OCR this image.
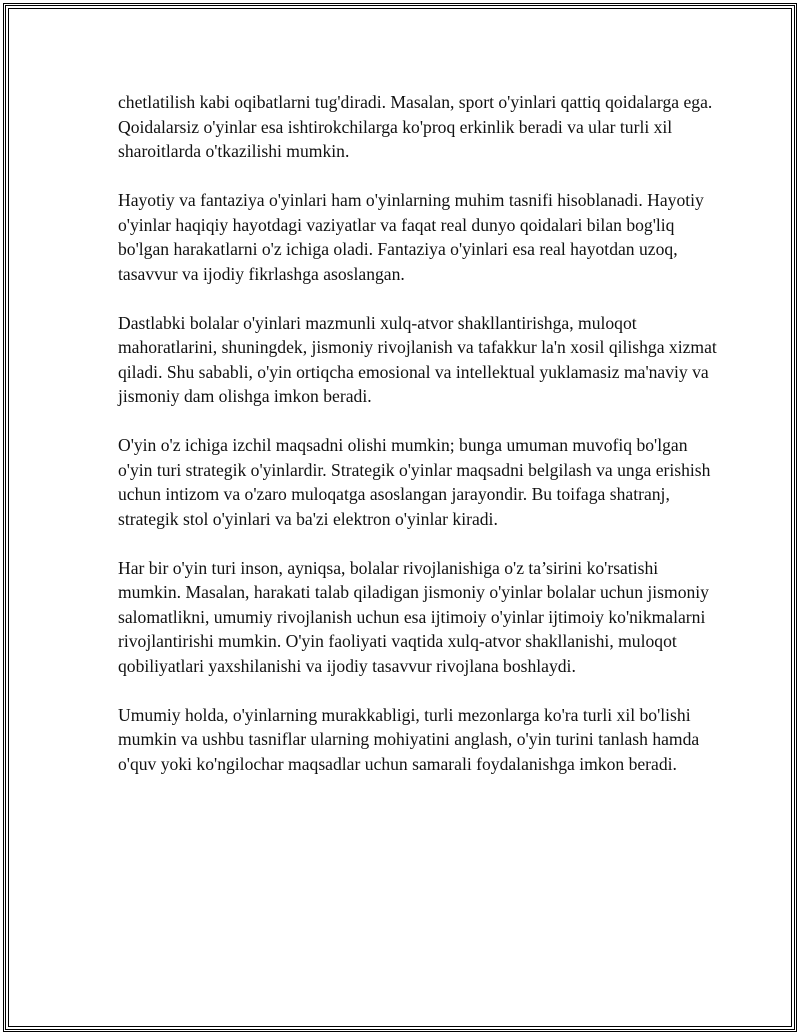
chetlatilish kabi oqibatlarni tug'diradi. Masalan, sport o'yinlari qattiq qoidalarga ega. Qoidalarsiz o'yinlar esa ishtirokchilarga ko'proq erkinlik beradi va ular turli xil sharoitlarda o'tkazilishi mumkin.

Hayotiy va fantaziya o'yinlari ham o'yinlarning muhim tasnifi hisoblanadi. Hayotiy o'yinlar haqiqiy hayotdagi vaziyatlar va faqat real dunyo qoidalari bilan bog'liq bo'lgan harakatlarni o'z ichiga oladi. Fantaziya o'yinlari esa real hayotdan uzoq, tasavvur va ijodiy fikrlashga asoslangan.

Dastlabki bolalar o'yinlari mazmunli xulq-atvor shakllantirishga, muloqot mahoratlarini, shuningdek, jismoniy rivojlanish va tafakkur la'n xosil qilishga xizmat qiladi. Shu sababli, o'yin ortiqcha emosional va intellektual yuklamasiz ma'naviy va jismoniy dam olishga imkon beradi.

O'yin o'z ichiga izchil maqsadni olishi mumkin; bunga umuman muvofiq bo'lgan o'yin turi strategik o'yinlardir. Strategik o'yinlar maqsadni belgilash va unga erishish uchun intizom va o'zaro muloqatga asoslangan jarayondir. Bu toifaga shatranj, strategik stol o'yinlari va ba'zi elektron o'yinlar kiradi.

Har bir o'yin turi inson, ayniqsa, bolalar rivojlanishiga o'z ta’sirini ko'rsatishi mumkin. Masalan, harakati talab qiladigan jismoniy o'yinlar bolalar uchun jismoniy salomatlikni, umumiy rivojlanish uchun esa ijtimoiy o'yinlar ijtimoiy ko'nikmalarni rivojlantirishi mumkin. O'yin faoliyati vaqtida xulq-atvor shakllanishi, muloqot qobiliyatlari yaxshilanishi va ijodiy tasavvur rivojlana boshlaydi.

Umumiy holda, o'yinlarning murakkabligi, turli mezonlarga ko'ra turli xil bo'lishi mumkin va ushbu tasniflar ularning mohiyatini anglash, o'yin turini tanlash hamda o'quv yoki ko'ngilochar maqsadlar uchun samarali foydalanishga imkon beradi.
